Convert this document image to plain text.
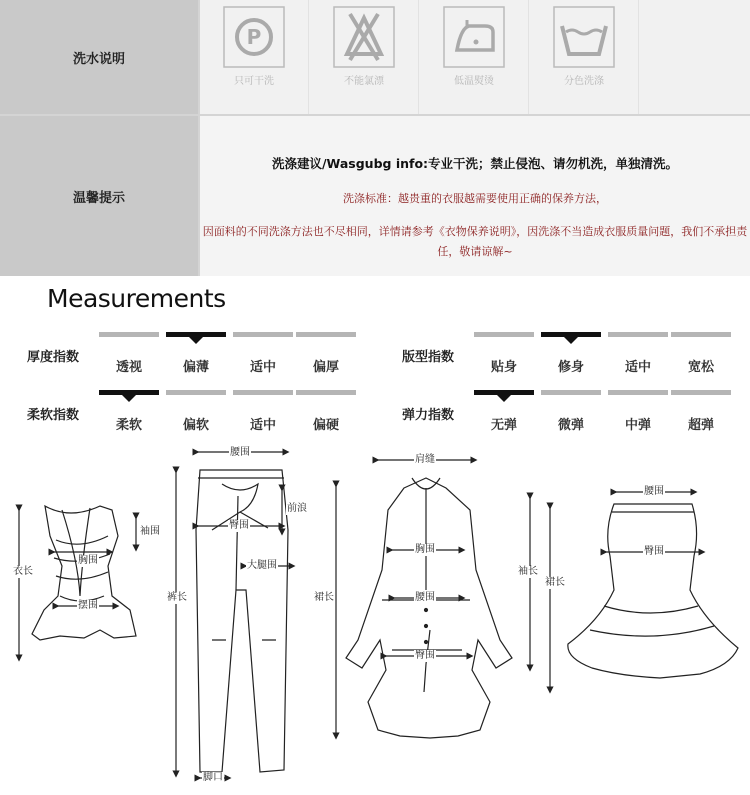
洗水说明
P
只可干洗	不能氯漂	低温熨烫	分色洗涤
温馨提示
洗涤建议/Wasgubg info:专业干洗；禁止侵泡、请勿机洗，单独清洗。
洗涤标准：越贵重的衣服越需要使用正确的保养方法，
因面料的不同洗涤方法也不尽相同，详情请参考《衣物保养说明》，因洗涤不当造成衣服质量问题，我们不承担责任，敬请谅解~
Measurements
厚度指数
透视	偏薄	适中	偏厚
版型指数
贴身	修身	适中	宽松
柔软指数
柔软	偏软	适中	偏硬
弹力指数
无弹	微弹	中弹	超弹
袖围
胸围
摆围
衣长
腰围
臀围
前浪
大腿围
裤长
脚口
肩缝
胸围
腰围
臀围
裙长
袖长
腰围
臀围
裙长
